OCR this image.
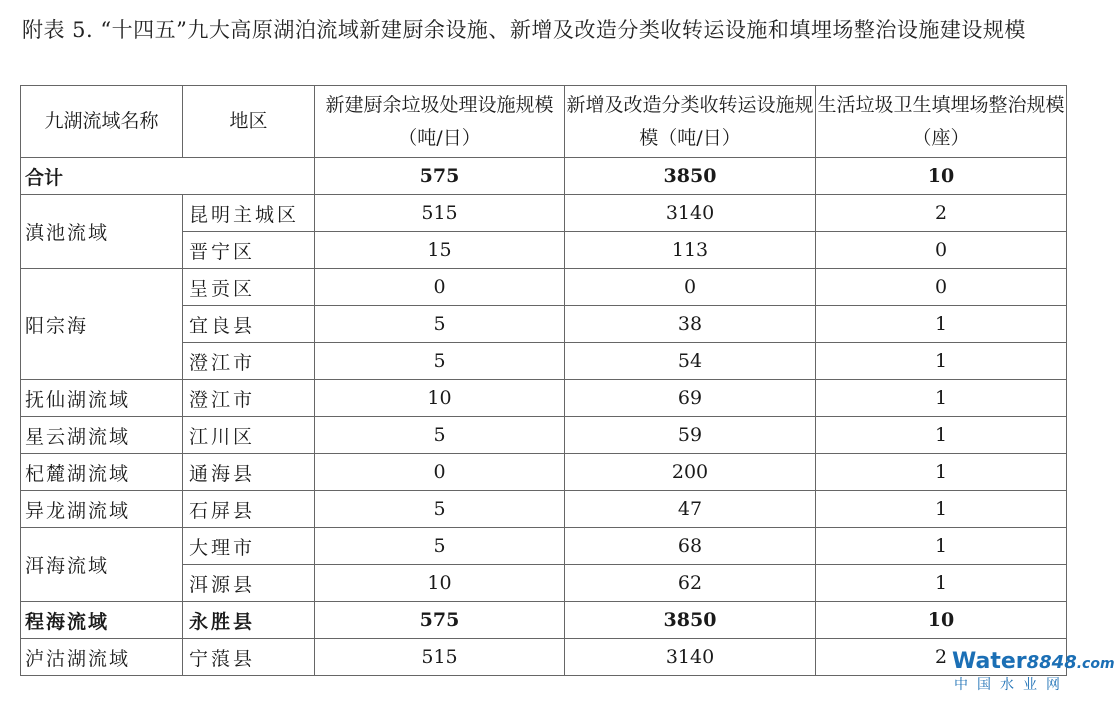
附表 5. “十四五”九大高原湖泊流域新建厨余设施、新增及改造分类收转运设施和填埋场整治设施建设规模
九湖流域名称	地区	新建厨余垃圾处理设施规模（吨/日）	新增及改造分类收转运设施规模（吨/日）	生活垃圾卫生填埋场整治规模（座）
合计		575	3850	10
滇池流域	昆明主城区	515	3140	2
	晋宁区	15	113	0
阳宗海	呈贡区	0	0	0
	宜良县	5	38	1
	澄江市	5	54	1
抚仙湖流域	澄江市	10	69	1
星云湖流域	江川区	5	59	1
杞麓湖流域	通海县	0	200	1
异龙湖流域	石屏县	5	47	1
洱海流域	大理市	5	68	1
	洱源县	10	62	1
程海流域	永胜县	575	3850	10
泸沽湖流域	宁蒗县	515	3140	2 Water8848.com
中国水业网
